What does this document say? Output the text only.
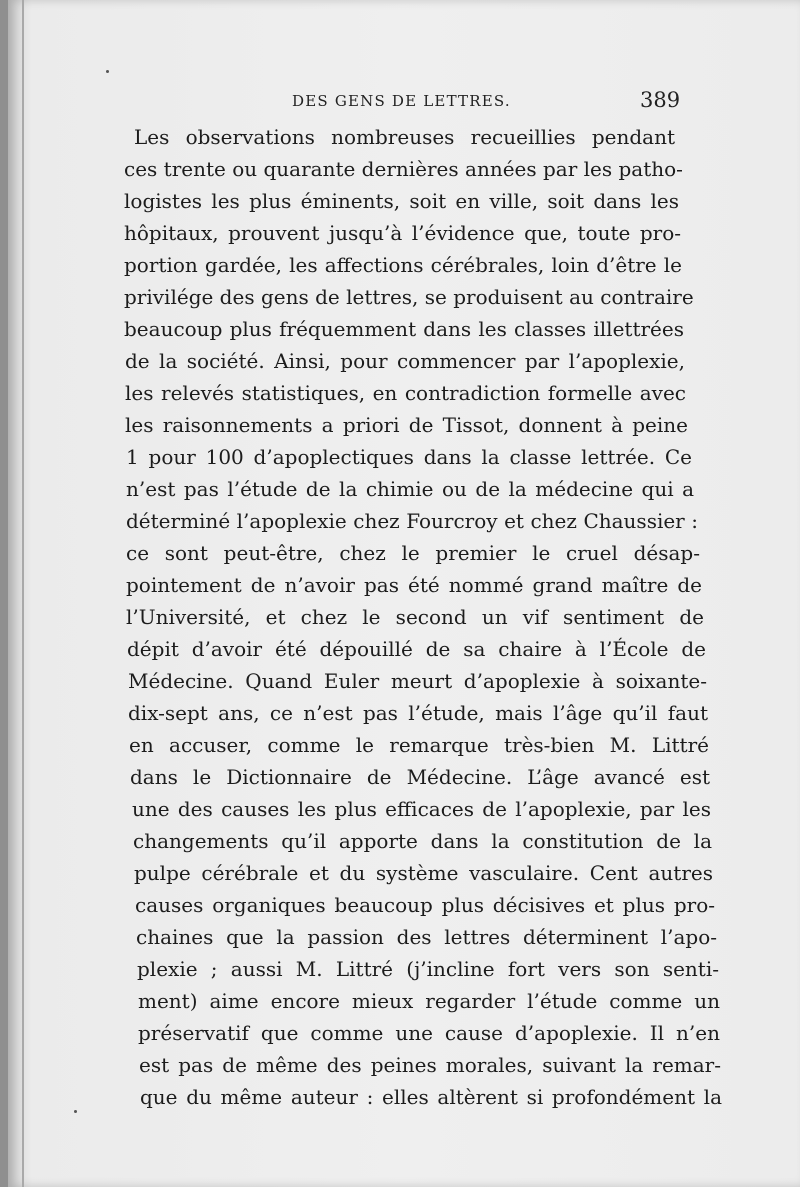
DES GENS DE LETTRES.	389
Les observations nombreuses recueillies pendant
ces trente ou quarante dernières années par les patho-
logistes les plus éminents, soit en ville, soit dans les
hôpitaux, prouvent jusqu’à l’évidence que, toute pro-
portion gardée, les affections cérébrales, loin d’être le
privilége des gens de lettres, se produisent au contraire
beaucoup plus fréquemment dans les classes illettrées
de la société. Ainsi, pour commencer par l’apoplexie,
les relevés statistiques, en contradiction formelle avec
les raisonnements a priori de Tissot, donnent à peine
1 pour 100 d’apoplectiques dans la classe lettrée. Ce
n’est pas l’étude de la chimie ou de la médecine qui a
déterminé l’apoplexie chez Fourcroy et chez Chaussier :
ce sont peut-être, chez le premier le cruel désap-
pointement de n’avoir pas été nommé grand maître de
l’Université, et chez le second un vif sentiment de
dépit d’avoir été dépouillé de sa chaire à l’École de
Médecine. Quand Euler meurt d’apoplexie à soixante-
dix-sept ans, ce n’est pas l’étude, mais l’âge qu’il faut
en accuser, comme le remarque très-bien M. Littré
dans le Dictionnaire de Médecine. L’âge avancé est
une des causes les plus efficaces de l’apoplexie, par les
changements qu’il apporte dans la constitution de la
pulpe cérébrale et du système vasculaire. Cent autres
causes organiques beaucoup plus décisives et plus pro-
chaines que la passion des lettres déterminent l’apo-
plexie ; aussi M. Littré (j’incline fort vers son senti-
ment) aime encore mieux regarder l’étude comme un
préservatif que comme une cause d’apoplexie. Il n’en
est pas de même des peines morales, suivant la remar-
que du même auteur : elles altèrent si profondément la
